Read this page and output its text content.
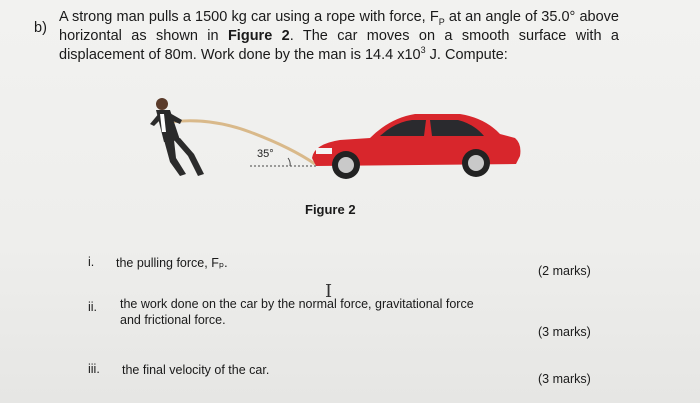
b)
A strong man pulls a 1500 kg car using a rope with force, $F_P$ at an angle of 35.0° above horizontal as shown in Figure 2. The car moves on a smooth surface with a displacement of 80m. Work done by the man is 14.4 $x10^3$ J. Compute:
35°
Figure 2
i. the pulling force, Fₚ.
(2 marks)
I
ii. the work done on the car by the normal force, gravitational force
and frictional force.
(3 marks)
iii. the final velocity of the car.
(3 marks)
